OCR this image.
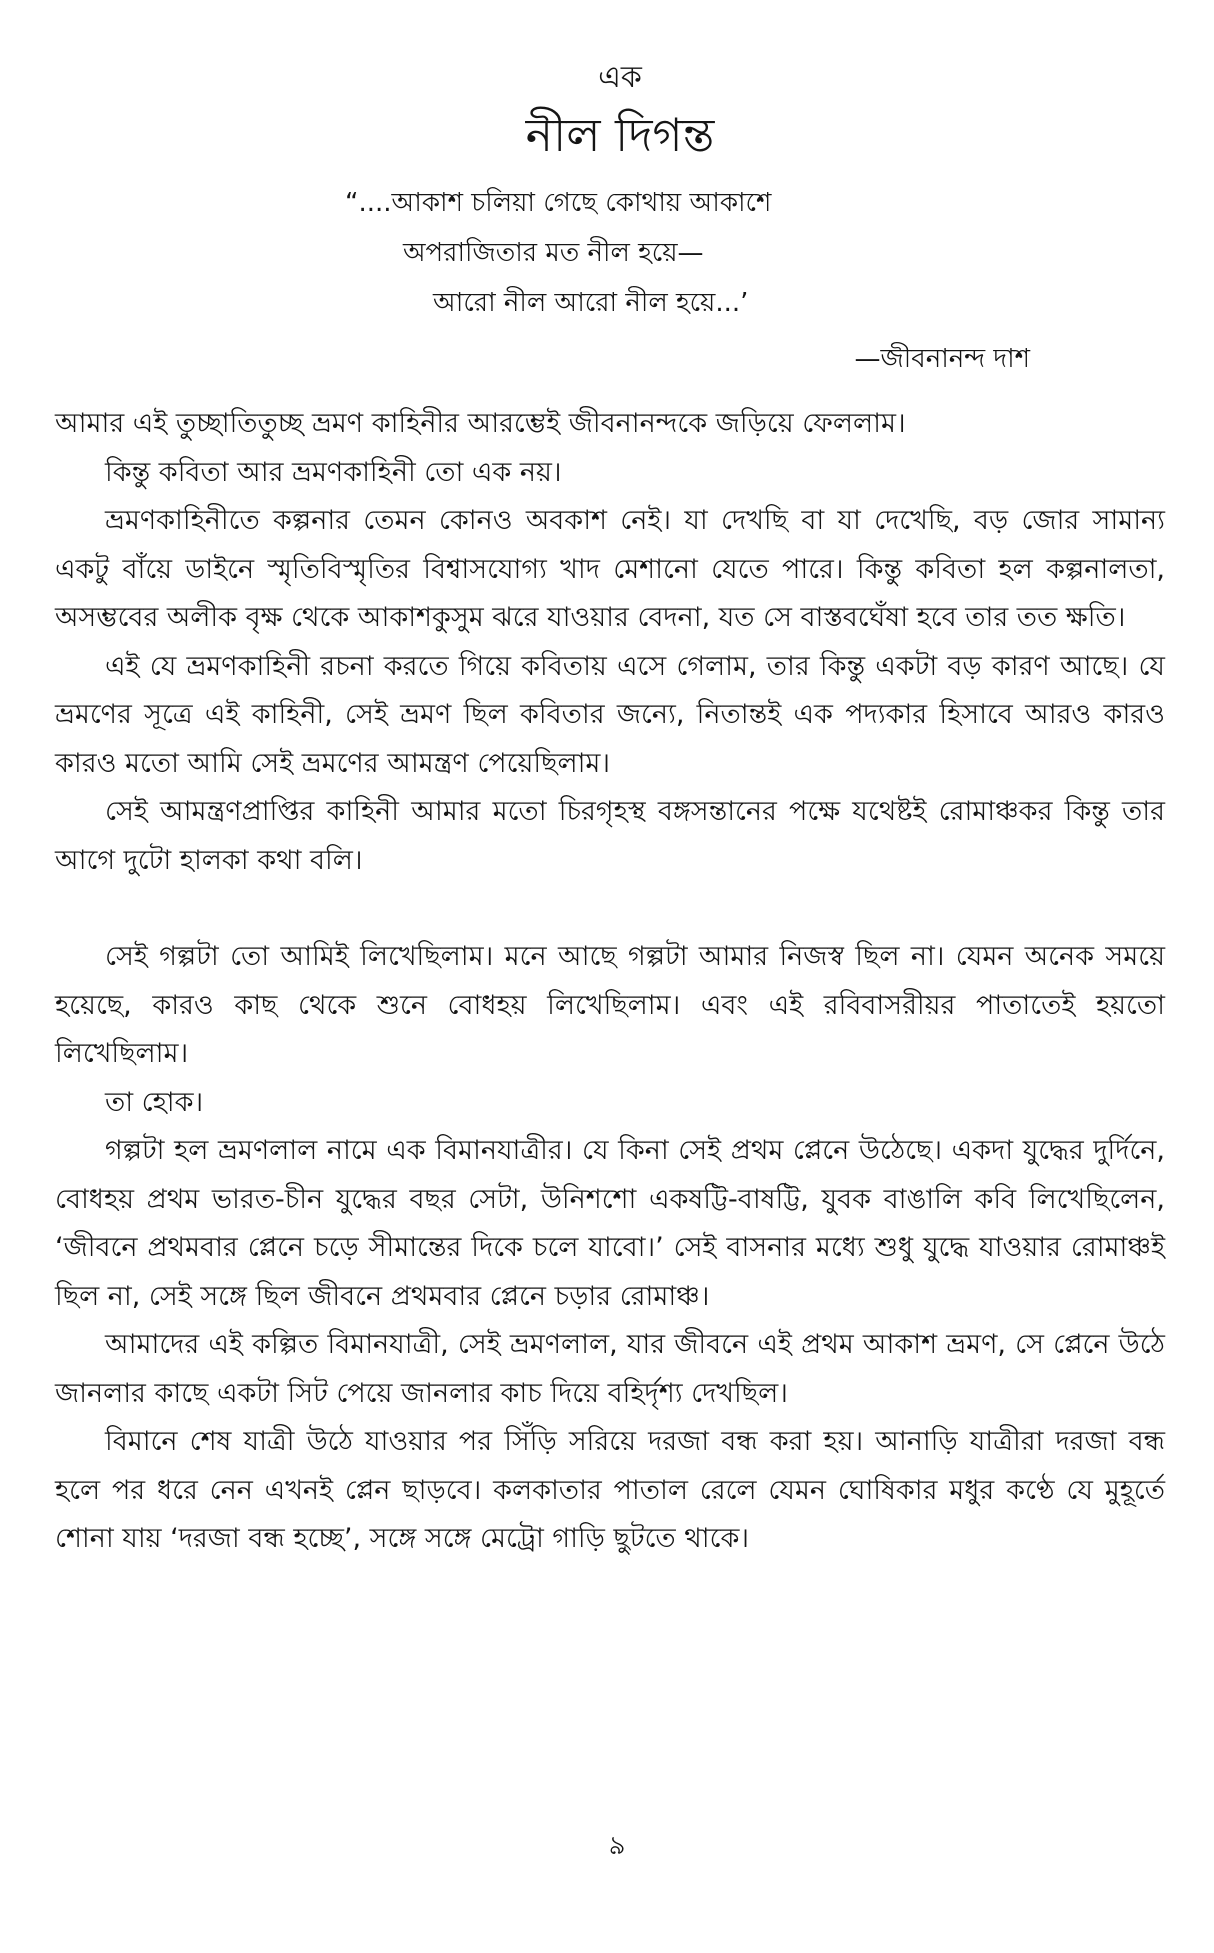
এক
নীল দিগন্ত
“....আকাশ চলিয়া গেছে কোথায় আকাশে
অপরাজিতার মত নীল হয়ে—
আরো নীল আরো নীল হয়ে...’
—জীবনানন্দ দাশ

আমার এই তুচ্ছাতিতুচ্ছ ভ্রমণ কাহিনীর আরম্ভেই জীবনানন্দকে জড়িয়ে ফেললাম।

কিন্তু কবিতা আর ভ্রমণকাহিনী তো এক নয়।

ভ্রমণকাহিনীতে কল্পনার তেমন কোনও অবকাশ নেই। যা দেখছি বা যা দেখেছি, বড় জোর সামান্য একটু বাঁয়ে ডাইনে স্মৃতিবিস্মৃতির বিশ্বাসযোগ্য খাদ মেশানো যেতে পারে। কিন্তু কবিতা হল কল্পনালতা, অসম্ভবের অলীক বৃক্ষ থেকে আকাশকুসুম ঝরে যাওয়ার বেদনা, যত সে বাস্তবঘেঁষা হবে তার তত ক্ষতি।

এই যে ভ্রমণকাহিনী রচনা করতে গিয়ে কবিতায় এসে গেলাম, তার কিন্তু একটা বড় কারণ আছে। যে ভ্রমণের সূত্রে এই কাহিনী, সেই ভ্রমণ ছিল কবিতার জন্যে, নিতান্তই এক পদ্যকার হিসাবে আরও কারও কারও মতো আমি সেই ভ্রমণের আমন্ত্রণ পেয়েছিলাম।

সেই আমন্ত্রণপ্রাপ্তির কাহিনী আমার মতো চিরগৃহস্থ বঙ্গসন্তানের পক্ষে যথেষ্টই রোমাঞ্চকর কিন্তু তার আগে দুটো হালকা কথা বলি।

সেই গল্পটা তো আমিই লিখেছিলাম। মনে আছে গল্পটা আমার নিজস্ব ছিল না। যেমন অনেক সময়ে হয়েছে, কারও কাছ থেকে শুনে বোধহয় লিখেছিলাম। এবং এই রবিবাসরীয়র পাতাতেই হয়তো লিখেছিলাম।

তা হোক।

গল্পটা হল ভ্রমণলাল নামে এক বিমানযাত্রীর। যে কিনা সেই প্রথম প্লেনে উঠেছে। একদা যুদ্ধের দুর্দিনে, বোধহয় প্রথম ভারত-চীন যুদ্ধের বছর সেটা, উনিশশো একষট্টি-বাষট্টি, যুবক বাঙালি কবি লিখেছিলেন, ‘জীবনে প্রথমবার প্লেনে চড়ে সীমান্তের দিকে চলে যাবো।’ সেই বাসনার মধ্যে শুধু যুদ্ধে যাওয়ার রোমাঞ্চই ছিল না, সেই সঙ্গে ছিল জীবনে প্রথমবার প্লেনে চড়ার রোমাঞ্চ।

আমাদের এই কল্পিত বিমানযাত্রী, সেই ভ্রমণলাল, যার জীবনে এই প্রথম আকাশ ভ্রমণ, সে প্লেনে উঠে জানলার কাছে একটা সিট পেয়ে জানলার কাচ দিয়ে বহির্দৃশ্য দেখছিল।

বিমানে শেষ যাত্রী উঠে যাওয়ার পর সিঁড়ি সরিয়ে দরজা বন্ধ করা হয়। আনাড়ি যাত্রীরা দরজা বন্ধ হলে পর ধরে নেন এখনই প্লেন ছাড়বে। কলকাতার পাতাল রেলে যেমন ঘোষিকার মধুর কণ্ঠে যে মুহূর্তে শোনা যায় ‘দরজা বন্ধ হচ্ছে’, সঙ্গে সঙ্গে মেট্রো গাড়ি ছুটতে থাকে।

৯
